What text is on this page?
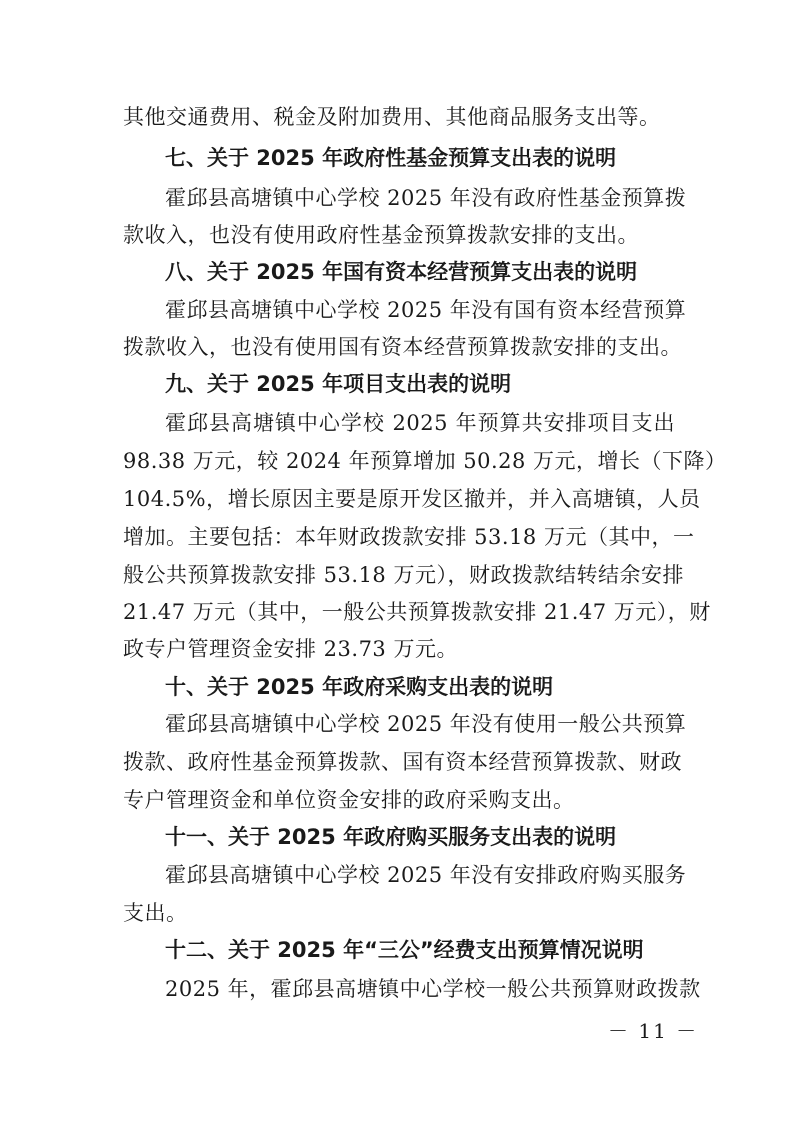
其他交通费用、税金及附加费用、其他商品服务支出等。
七、关于 2025 年政府性基金预算支出表的说明
霍邱县高塘镇中心学校 2025 年没有政府性基金预算拨
款收入，也没有使用政府性基金预算拨款安排的支出。
八、关于 2025 年国有资本经营预算支出表的说明
霍邱县高塘镇中心学校 2025 年没有国有资本经营预算
拨款收入，也没有使用国有资本经营预算拨款安排的支出。
九、关于 2025 年项目支出表的说明
霍邱县高塘镇中心学校 2025 年预算共安排项目支出
98.38 万元，较 2024 年预算增加 50.28 万元，增长（下降）
104.5%，增长原因主要是原开发区撤并，并入高塘镇，人员
增加。主要包括：本年财政拨款安排 53.18 万元（其中，一
般公共预算拨款安排 53.18 万元），财政拨款结转结余安排
21.47 万元（其中，一般公共预算拨款安排 21.47 万元），财
政专户管理资金安排 23.73 万元。
十、关于 2025 年政府采购支出表的说明
霍邱县高塘镇中心学校 2025 年没有使用一般公共预算
拨款、政府性基金预算拨款、国有资本经营预算拨款、财政
专户管理资金和单位资金安排的政府采购支出。
十一、关于 2025 年政府购买服务支出表的说明
霍邱县高塘镇中心学校 2025 年没有安排政府购买服务
支出。
十二、关于 2025 年“三公”经费支出预算情况说明
2025 年，霍邱县高塘镇中心学校一般公共预算财政拨款
－ 11 －
